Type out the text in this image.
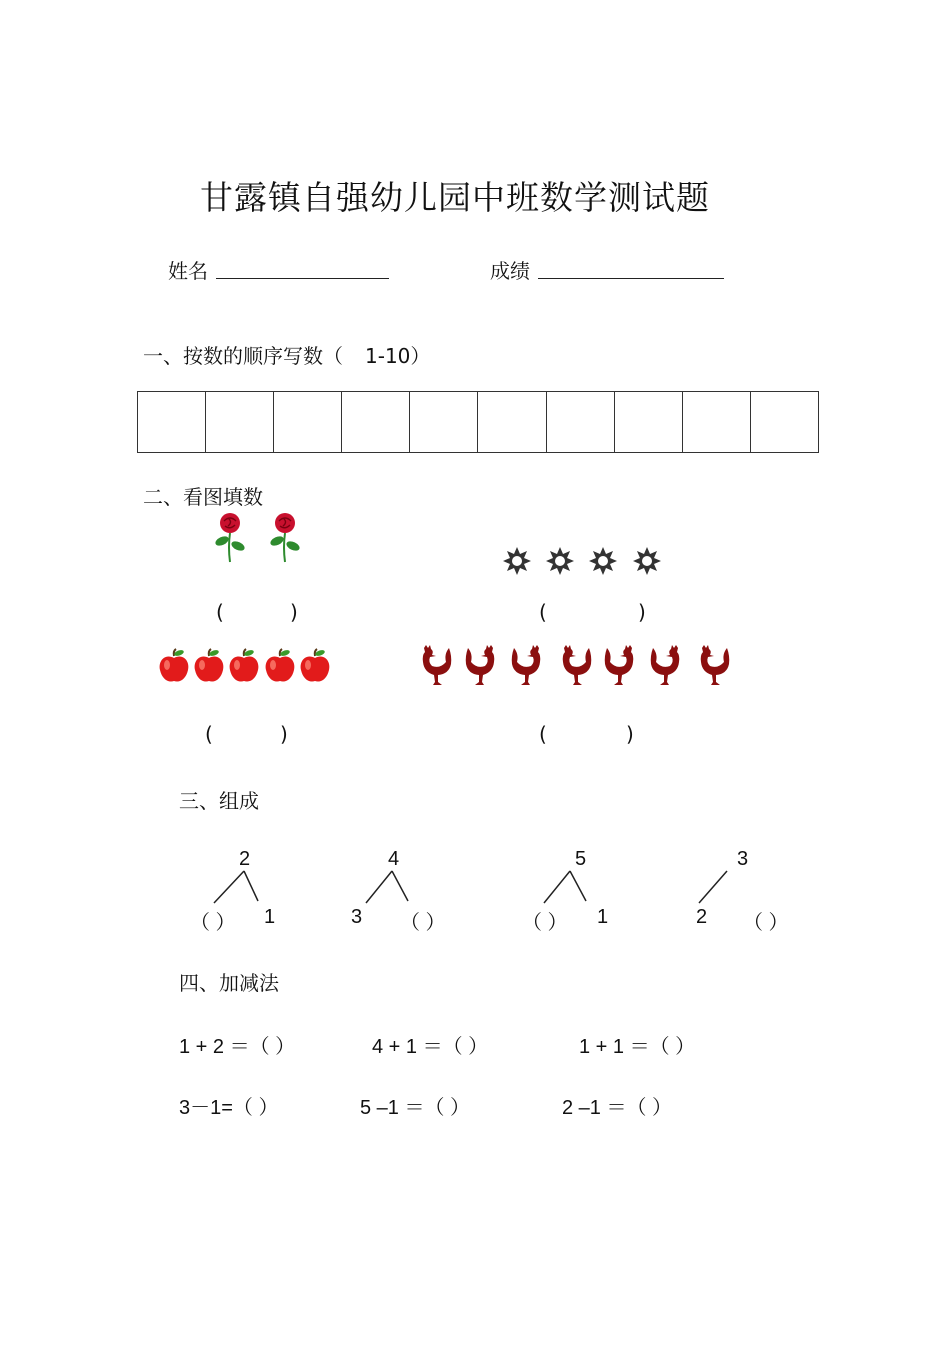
甘露镇自强幼儿园中班数学测试题
姓名	成绩
一、按数的顺序写数（ 1-10）
二、看图填数
(	)	(	)
(	)	(	)
三、组成
2
（ ） 1
4
3 （ ）
5
（ ） 1
3
2 （ ）
四、加减法
1 + 2 ＝（ ）	4 + 1 ＝（ ）	1 + 1 ＝（ ）
3－1=（ ）	5 –1 ＝（ ）	2 –1 ＝（ ）
